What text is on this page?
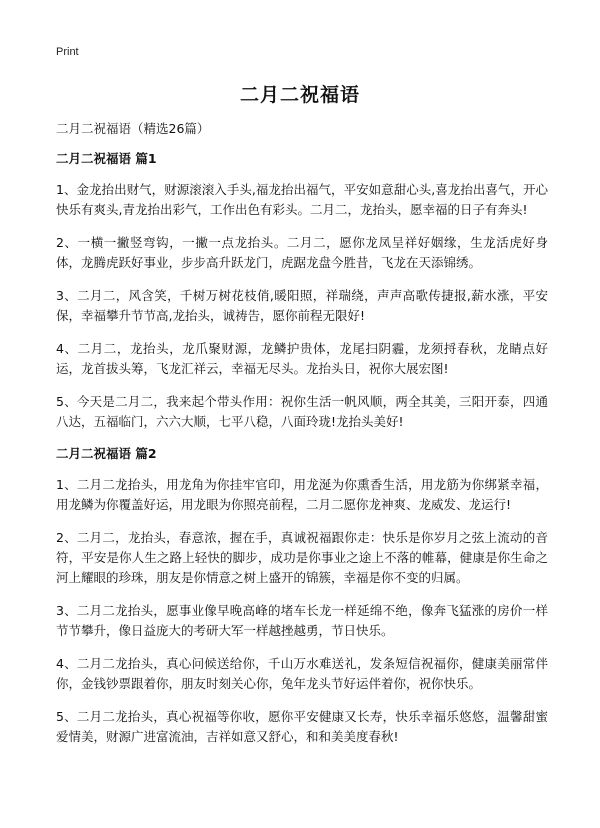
Print
二月二祝福语
二月二祝福语（精选26篇）
二月二祝福语 篇1

1、金龙抬出财气，财源滚滚入手头,福龙抬出福气，平安如意甜心头,喜龙抬出喜气，开心快乐有爽头,青龙抬出彩气，工作出色有彩头。二月二，龙抬头，愿幸福的日子有奔头!

2、一横一撇竖弯钩，一撇一点龙抬头。二月二，愿你龙凤呈祥好姻缘，生龙活虎好身体，龙腾虎跃好事业，步步高升跃龙门，虎踞龙盘今胜昔，飞龙在天添锦绣。

3、二月二，风含笑，千树万树花枝俏,暖阳照，祥瑞绕，声声高歌传捷报,薪水涨，平安保，幸福攀升节节高,龙抬头，诚祷告，愿你前程无限好!

4、二月二，龙抬头，龙爪聚财源，龙鳞护贵体，龙尾扫阴霾，龙须捋春秋，龙睛点好运，龙首拔头筹，飞龙汇祥云，幸福无尽头。龙抬头日，祝你大展宏图!

5、今天是二月二，我来起个带头作用：祝你生活一帆风顺，两全其美，三阳开泰，四通八达，五福临门，六六大顺，七平八稳，八面玲珑!龙抬头美好!

二月二祝福语 篇2

1、二月二龙抬头，用龙角为你挂牢官印，用龙涎为你熏香生活，用龙筋为你绑紧幸福，用龙鳞为你覆盖好运，用龙眼为你照亮前程，二月二愿你龙神爽、龙威发、龙运行!

2、二月二，龙抬头，春意浓，握在手，真诚祝福跟你走：快乐是你岁月之弦上流动的音符，平安是你人生之路上轻快的脚步，成功是你事业之途上不落的帷幕，健康是你生命之河上耀眼的珍珠，朋友是你情意之树上盛开的锦簇，幸福是你不变的归属。

3、二月二龙抬头，愿事业像早晚高峰的堵车长龙一样延绵不绝，像奔飞猛涨的房价一样节节攀升，像日益庞大的考研大军一样越挫越勇，节日快乐。

4、二月二龙抬头，真心问候送给你，千山万水难送礼，发条短信祝福你，健康美丽常伴你，金钱钞票跟着你，朋友时刻关心你，兔年龙头节好运伴着你，祝你快乐。

5、二月二龙抬头，真心祝福等你收，愿你平安健康又长寿，快乐幸福乐悠悠，温馨甜蜜爱情美，财源广进富流油，吉祥如意又舒心，和和美美度春秋!
